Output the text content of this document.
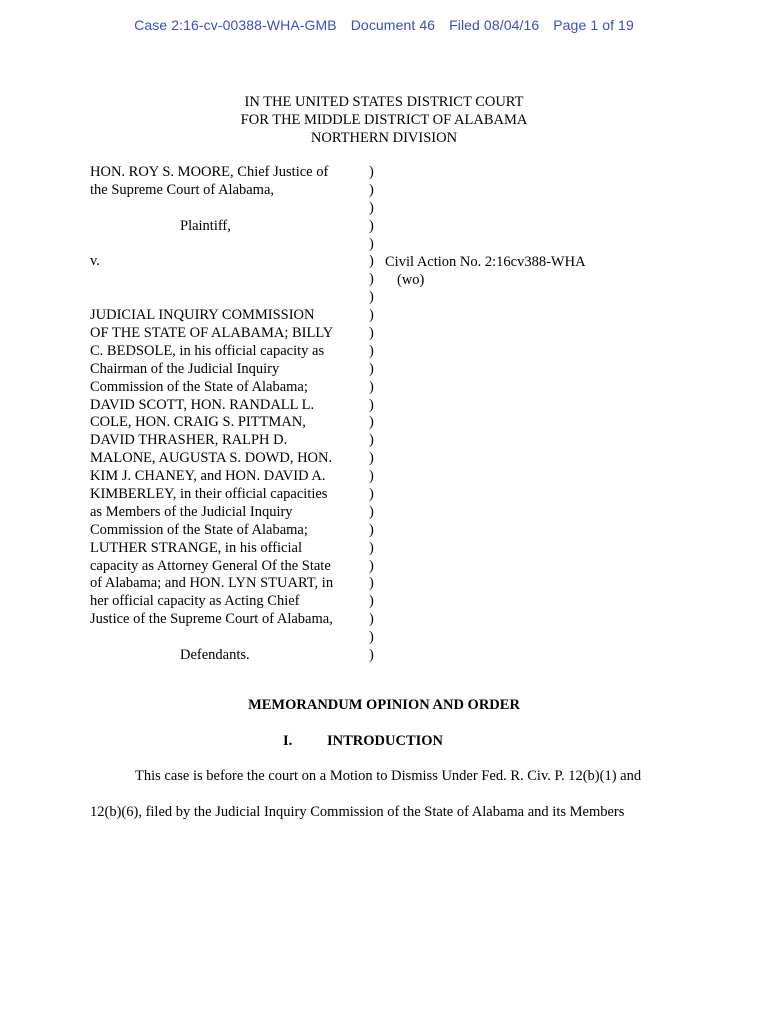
Case 2:16-cv-00388-WHA-GMB Document 46 Filed 08/04/16 Page 1 of 19
IN THE UNITED STATES DISTRICT COURT
FOR THE MIDDLE DISTRICT OF ALABAMA
NORTHERN DIVISION
HON. ROY S. MOORE, Chief Justice of
the Supreme Court of Alabama,
Plaintiff,
v.
JUDICIAL INQUIRY COMMISSION
OF THE STATE OF ALABAMA; BILLY
C. BEDSOLE, in his official capacity as
Chairman of the Judicial Inquiry
Commission of the State of Alabama;
DAVID SCOTT, HON. RANDALL L.
COLE, HON. CRAIG S. PITTMAN,
DAVID THRASHER, RALPH D.
MALONE, AUGUSTA S. DOWD, HON.
KIM J. CHANEY, and HON. DAVID A.
KIMBERLEY, in their official capacities
as Members of the Judicial Inquiry
Commission of the State of Alabama;
LUTHER STRANGE, in his official
capacity as Attorney General Of the State
of Alabama; and HON. LYN STUART, in
her official capacity as Acting Chief
Justice of the Supreme Court of Alabama,
Defendants.
)
)
)
)
)
)
)
)
)
)
)
)
)
)
)
)
)
)
)
)
)
)
)
)
)
)
)
)
Civil Action No. 2:16cv388-WHA
(wo)
MEMORANDUM OPINION AND ORDER
I. INTRODUCTION
This case is before the court on a Motion to Dismiss Under Fed. R. Civ. P. 12(b)(1) and
12(b)(6), filed by the Judicial Inquiry Commission of the State of Alabama and its Members
